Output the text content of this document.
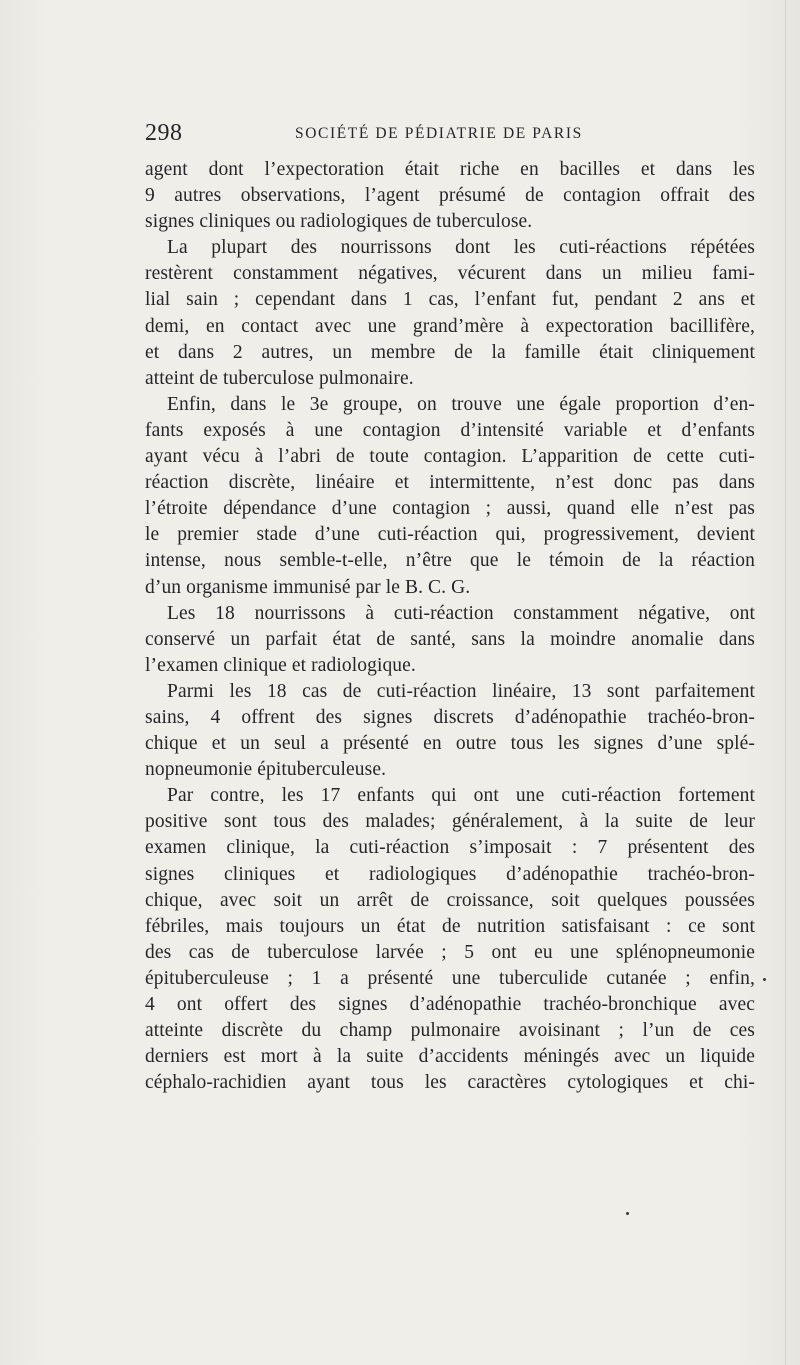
298	SOCIÉTÉ DE PÉDIATRIE DE PARIS
agent dont l’expectoration était riche en bacilles et dans les
9 autres observations, l’agent présumé de contagion offrait des
signes cliniques ou radiologiques de tuberculose.
La plupart des nourrissons dont les cuti-réactions répétées
restèrent constamment négatives, vécurent dans un milieu fami-
lial sain ; cependant dans 1 cas, l’enfant fut, pendant 2 ans et
demi, en contact avec une grand’mère à expectoration bacillifère,
et dans 2 autres, un membre de la famille était cliniquement
atteint de tuberculose pulmonaire.
Enfin, dans le 3e groupe, on trouve une égale proportion d’en-
fants exposés à une contagion d’intensité variable et d’enfants
ayant vécu à l’abri de toute contagion. L’apparition de cette cuti-
réaction discrète, linéaire et intermittente, n’est donc pas dans
l’étroite dépendance d’une contagion ; aussi, quand elle n’est pas
le premier stade d’une cuti-réaction qui, progressivement, devient
intense, nous semble-t-elle, n’être que le témoin de la réaction
d’un organisme immunisé par le B. C. G.
Les 18 nourrissons à cuti-réaction constamment négative, ont
conservé un parfait état de santé, sans la moindre anomalie dans
l’examen clinique et radiologique.
Parmi les 18 cas de cuti-réaction linéaire, 13 sont parfaitement
sains, 4 offrent des signes discrets d’adénopathie trachéo-bron-
chique et un seul a présenté en outre tous les signes d’une splé-
nopneumonie épituberculeuse.
Par contre, les 17 enfants qui ont une cuti-réaction fortement
positive sont tous des malades; généralement, à la suite de leur
examen clinique, la cuti-réaction s’imposait : 7 présentent des
signes cliniques et radiologiques d’adénopathie trachéo-bron-
chique, avec soit un arrêt de croissance, soit quelques poussées
fébriles, mais toujours un état de nutrition satisfaisant : ce sont
des cas de tuberculose larvée ; 5 ont eu une splénopneumonie
épituberculeuse ; 1 a présenté une tuberculide cutanée ; enfin,
4 ont offert des signes d’adénopathie trachéo-bronchique avec
atteinte discrète du champ pulmonaire avoisinant ; l’un de ces
derniers est mort à la suite d’accidents méningés avec un liquide
céphalo-rachidien ayant tous les caractères cytologiques et chi-
